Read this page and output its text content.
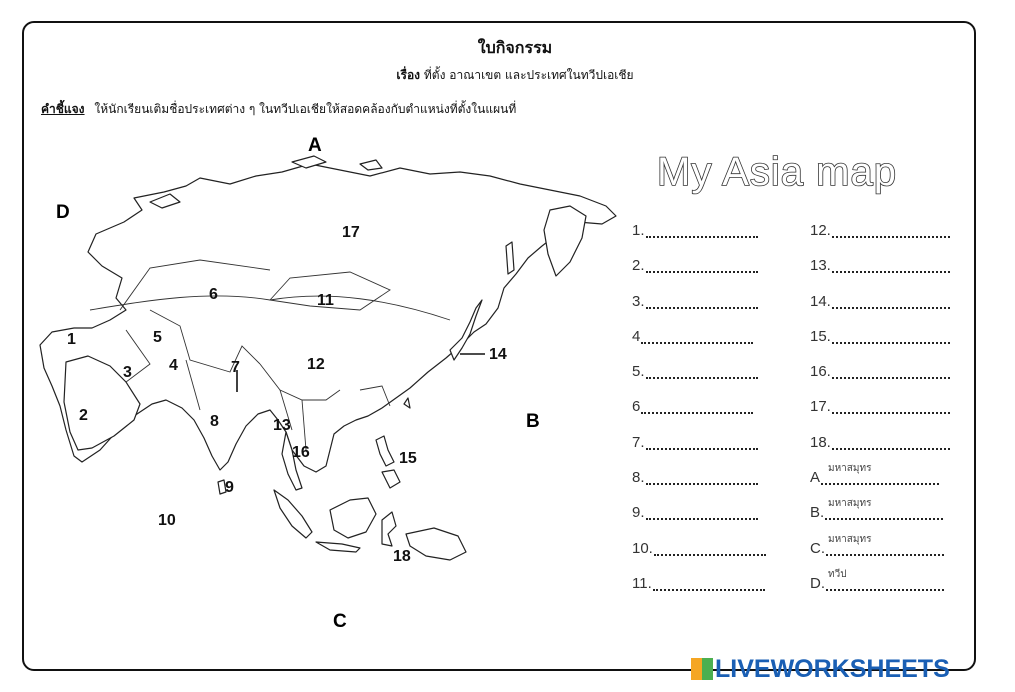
ใบกิจกรรม
เรื่อง ที่ตั้ง อาณาเขต และประเทศในทวีปเอเชีย
คำชี้แจง ให้นักเรียนเติมชื่อประเทศต่าง ๆ ในทวีปเอเชียให้สอดคล้องกับตำแหน่งที่ตั้งในแผนที่
A
B
C
D
1
2
3 4
5
6
7
8
9
10
11
12
13
14
15
16
17
18
My Asia map
1.
2.
3.
4
5.
6
7.
8.
9.
10.
11.
12.
13.
14.
15.
16.
17.
18.
A
มหาสมุทร
B.
มหาสมุทร
C.
มหาสมุทร
D.
ทวีป
LIVEWORKSHEETS
